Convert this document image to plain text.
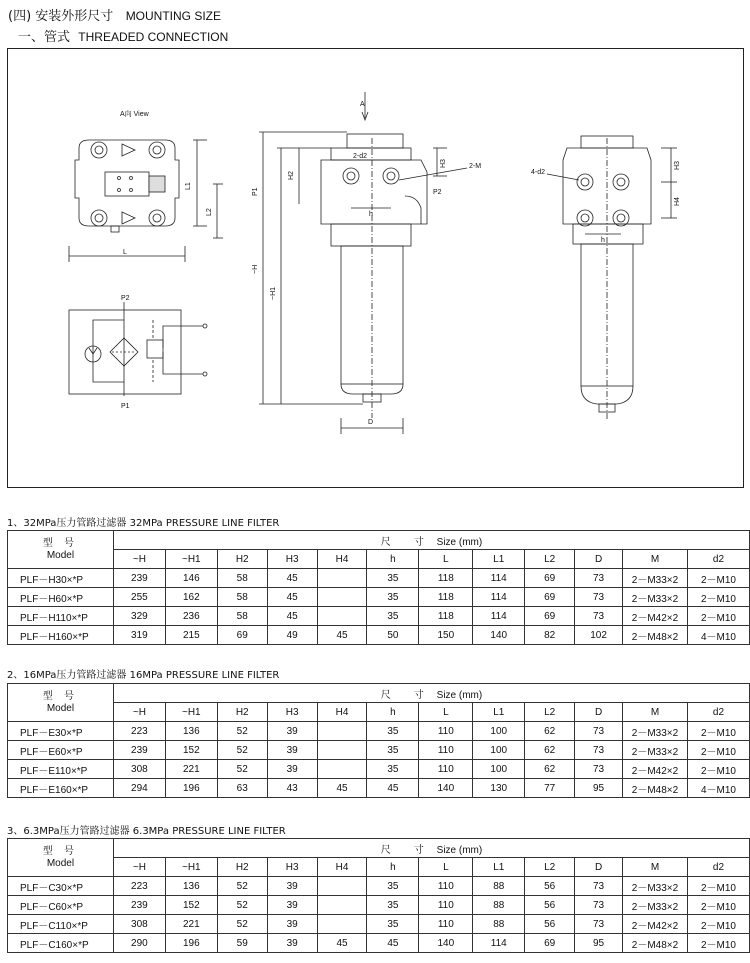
(四) 安装外形尺寸 MOUNTING SIZE
一、管式 THREADED CONNECTION
A向 View
L
L1
L2
P2
P1
A
~H
~H1
H2
P1
H3
2-d2
2-M
P2
h
D
4-d2
H3
H4
h
1、32MPa压力管路过滤器 32MPa PRESSURE LINE FILTER
型 号
Model	尺 寸 Size (mm)											
	~H	~H1	H2	H3	H4	h	L	L1	L2	D	M	d2
PLF－H30×*P	239	146	58	45		35	118	114	69	73	2－M33×2	2－M10
PLF－H60×*P	255	162	58	45		35	118	114	69	73	2－M33×2	2－M10
PLF－H110×*P	329	236	58	45		35	118	114	69	73	2－M42×2	2－M10
PLF－H160×*P	319	215	69	49	45	50	150	140	82	102	2－M48×2	4－M10
2、16MPa压力管路过滤器 16MPa PRESSURE LINE FILTER
型 号
Model	尺 寸 Size (mm)											
	~H	~H1	H2	H3	H4	h	L	L1	L2	D	M	d2
PLF－E30×*P	223	136	52	39		35	110	100	62	73	2－M33×2	2－M10
PLF－E60×*P	239	152	52	39		35	110	100	62	73	2－M33×2	2－M10
PLF－E110×*P	308	221	52	39		35	110	100	62	73	2－M42×2	2－M10
PLF－E160×*P	294	196	63	43	45	45	140	130	77	95	2－M48×2	4－M10
3、6.3MPa压力管路过滤器 6.3MPa PRESSURE LINE FILTER
型 号
Model	尺 寸 Size (mm)											
	~H	~H1	H2	H3	H4	h	L	L1	L2	D	M	d2
PLF－C30×*P	223	136	52	39		35	110	88	56	73	2－M33×2	2－M10
PLF－C60×*P	239	152	52	39		35	110	88	56	73	2－M33×2	2－M10
PLF－C110×*P	308	221	52	39		35	110	88	56	73	2－M42×2	2－M10
PLF－C160×*P	290	196	59	39	45	45	140	114	69	95	2－M48×2	2－M10
